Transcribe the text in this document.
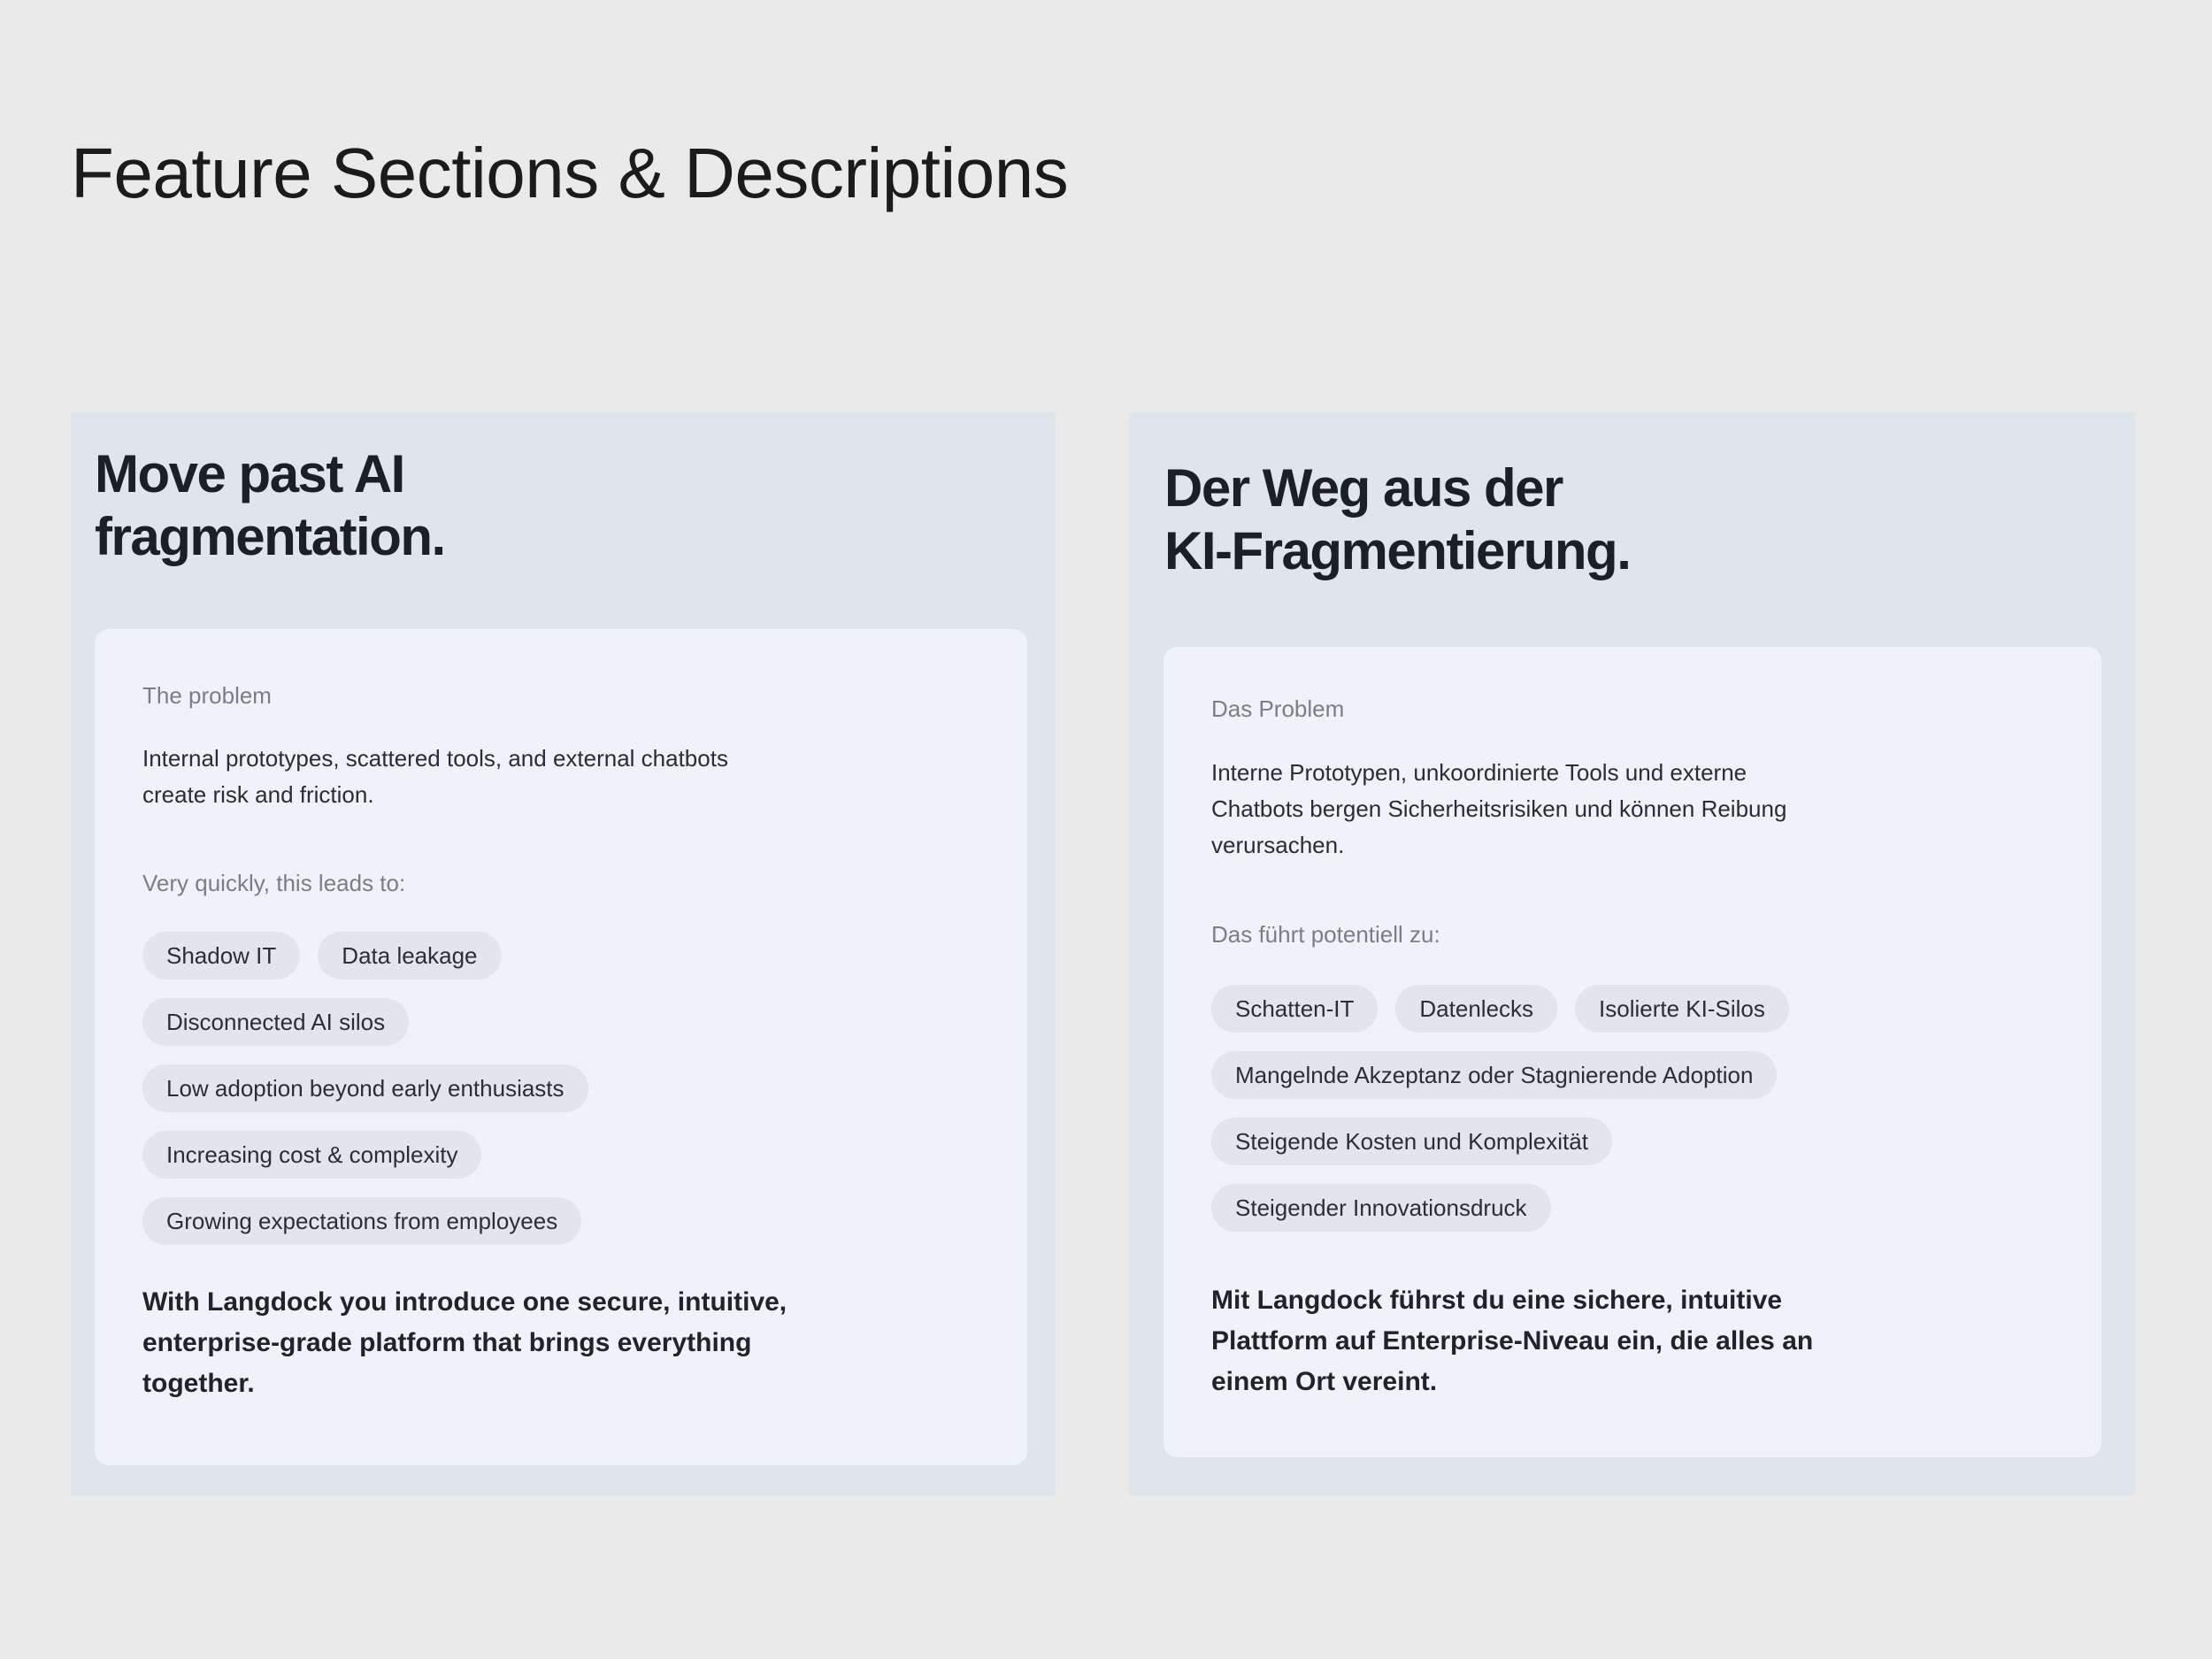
Feature Sections & Descriptions
Move past AI
fragmentation.
The problem
Internal prototypes, scattered tools, and external chatbots
create risk and friction.
Very quickly, this leads to:
Shadow IT	Data leakage
Disconnected AI silos
Low adoption beyond early enthusiasts
Increasing cost & complexity
Growing expectations from employees
With Langdock you introduce one secure, intuitive,
enterprise-grade platform that brings everything
together.
Der Weg aus der
KI-Fragmentierung.
Das Problem
Interne Prototypen, unkoordinierte Tools und externe
Chatbots bergen Sicherheitsrisiken und können Reibung
verursachen.
Das führt potentiell zu:
Schatten-IT	Datenlecks	Isolierte KI-Silos
Mangelnde Akzeptanz oder Stagnierende Adoption
Steigende Kosten und Komplexität
Steigender Innovationsdruck
Mit Langdock führst du eine sichere, intuitive
Plattform auf Enterprise-Niveau ein, die alles an
einem Ort vereint.
